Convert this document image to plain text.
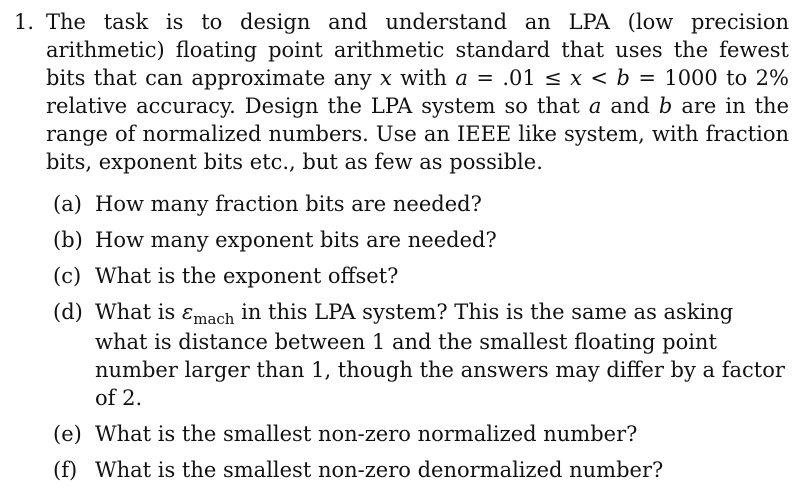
1. The task is to design and understand an LPA (low precision arithmetic) floating point arithmetic standard that uses the fewest bits that can approximate any x with a = .01 ≤ x < b = 1000 to 2% relative accuracy. Design the LPA system so that a and b are in the range of normalized numbers. Use an IEEE like system, with fraction bits, exponent bits etc., but as few as possible.

(a) How many fraction bits are needed?
(b) How many exponent bits are needed?
(c) What is the exponent offset?
(d) What is $\varepsilon_{mach}$ in this LPA system? This is the same as asking what is distance between 1 and the smallest floating point number larger than 1, though the answers may differ by a factor of 2.
(e) What is the smallest non-zero normalized number?
(f) What is the smallest non-zero denormalized number?
